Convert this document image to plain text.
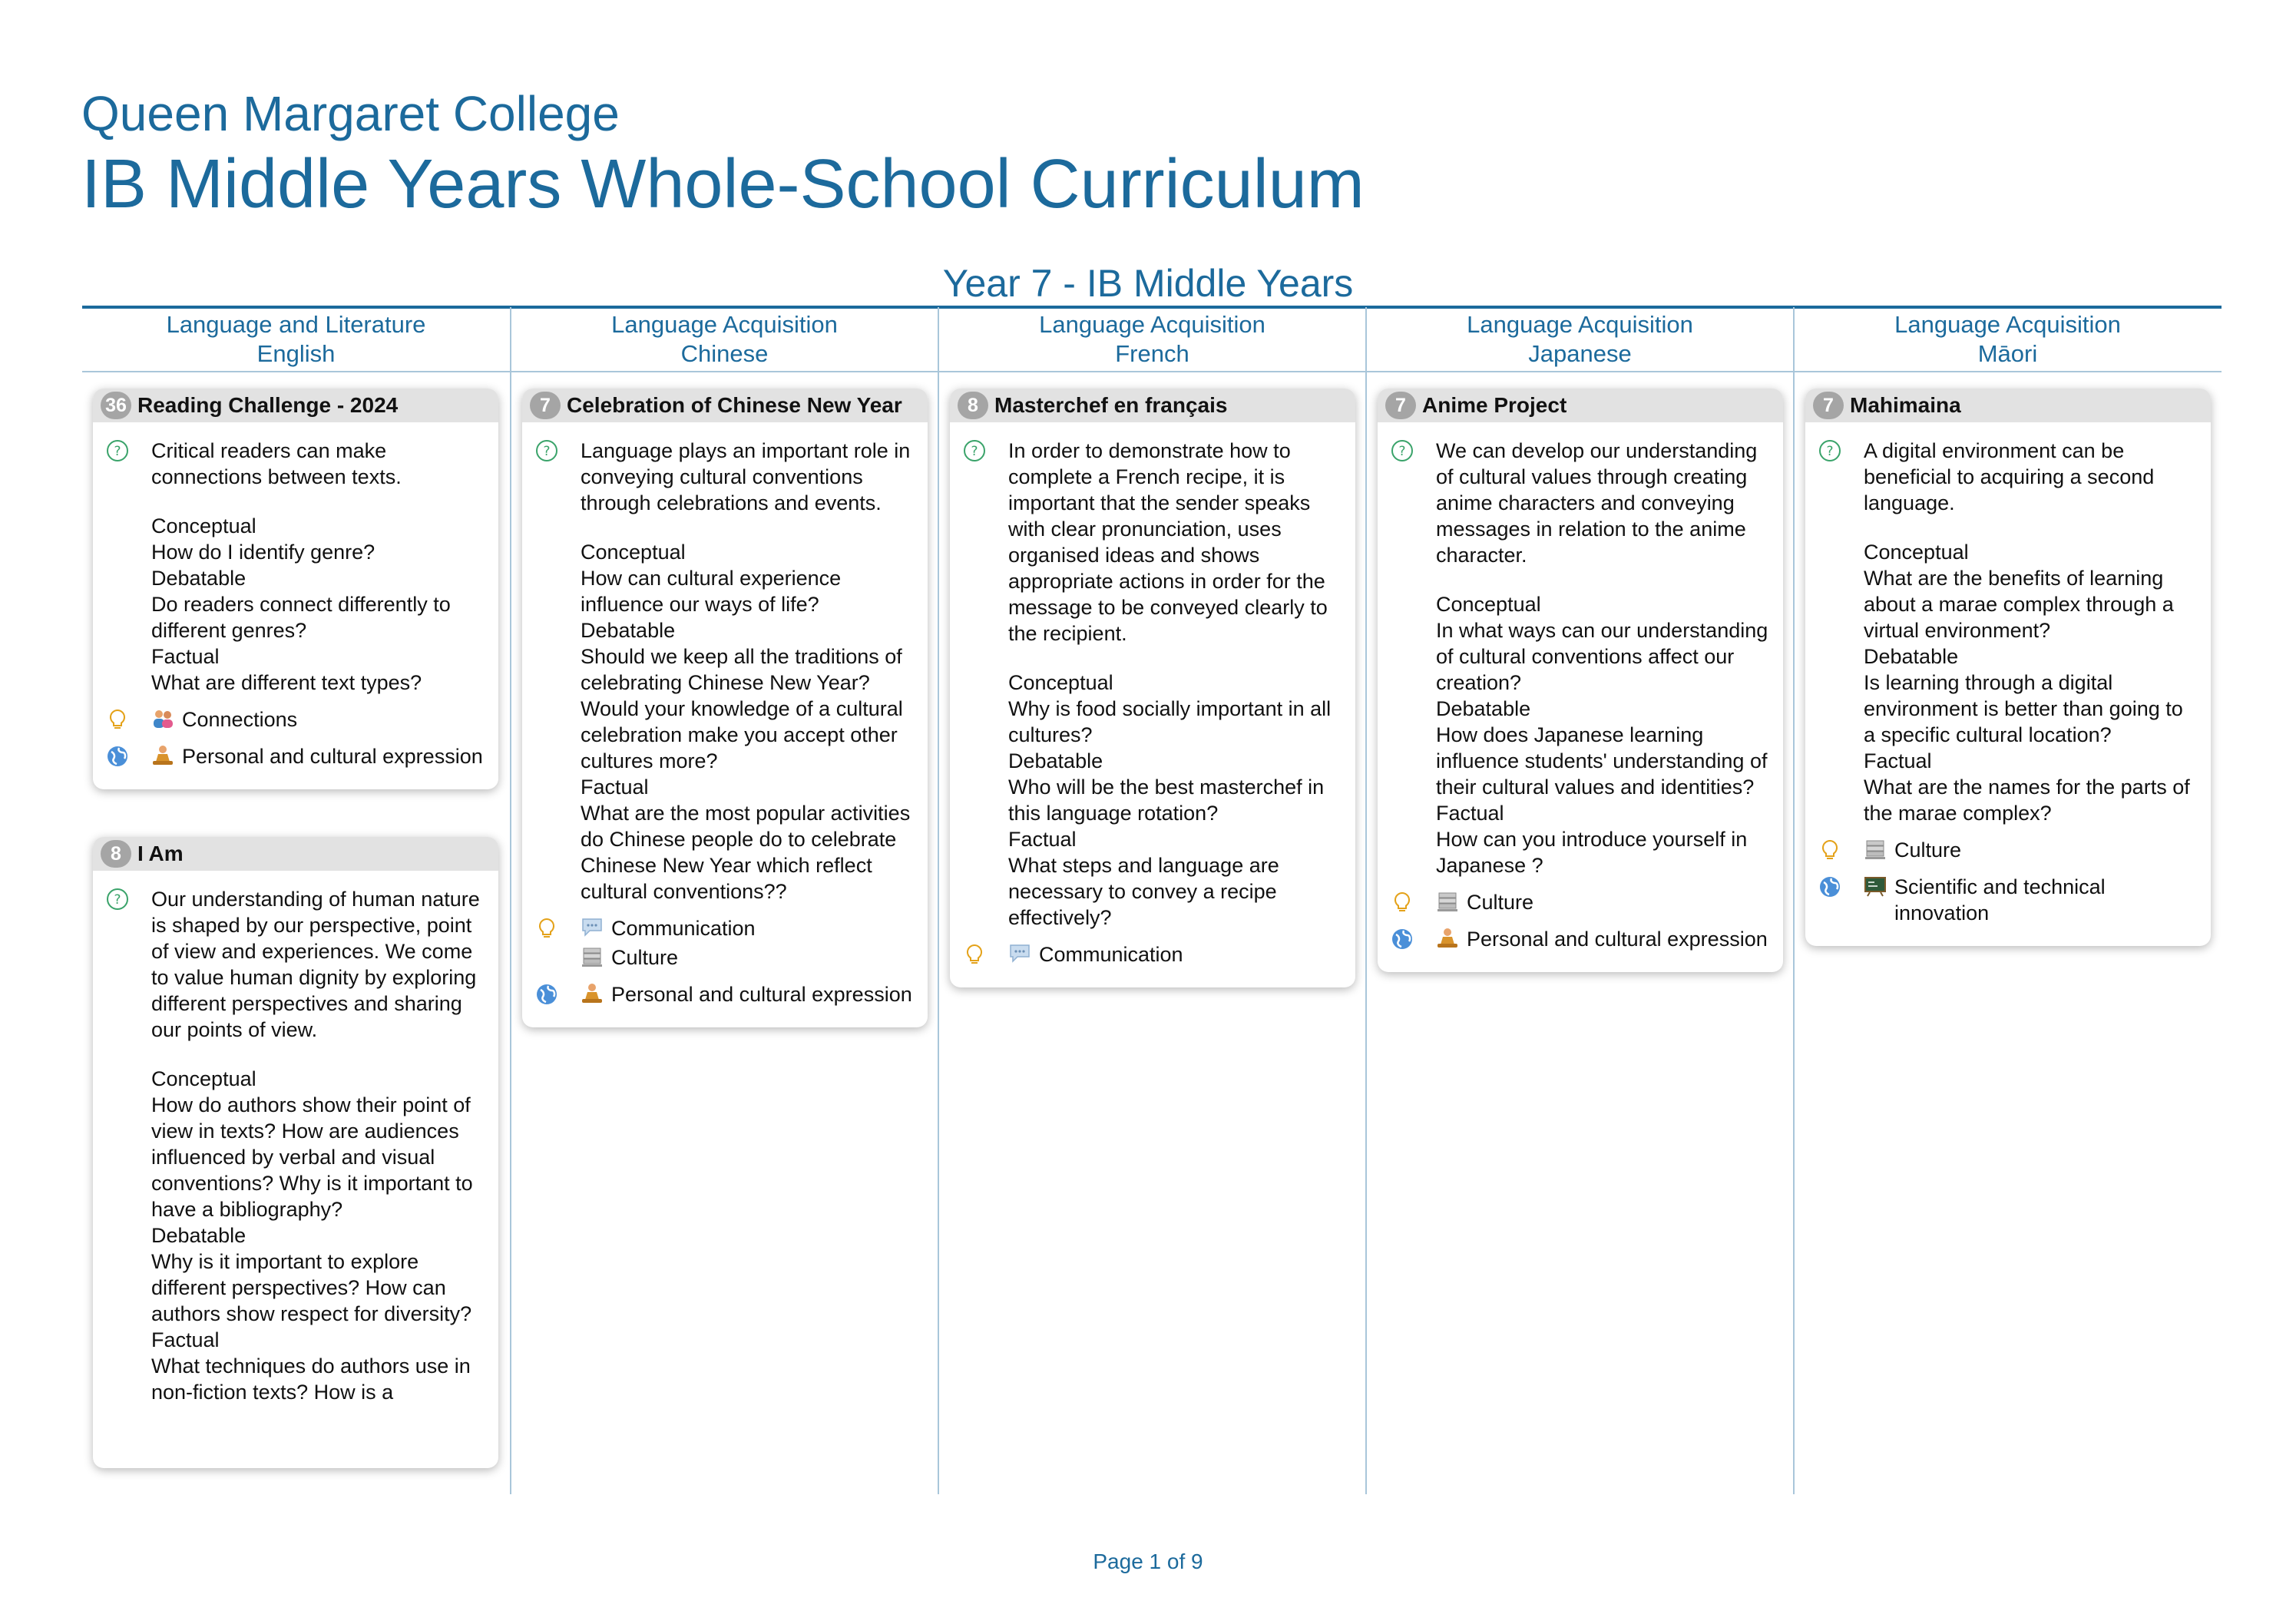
Queen Margaret College
IB Middle Years Whole-School Curriculum
Year 7 - IB Middle Years
Language and Literature
English
36 Reading Challenge - 2024
? Critical readers can make connections between texts.
Conceptual
How do I identify genre?
Debatable
Do readers connect differently to different genres?
Factual
What are different text types?
Connections
Personal and cultural expression
8 I Am
? Our understanding of human nature is shaped by our perspective, point of view and experiences. We come to value human dignity by exploring different perspectives and sharing our points of view.
Conceptual
How do authors show their point of view in texts? How are audiences influenced by verbal and visual conventions? Why is it important to have a bibliography?
Debatable
Why is it important to explore different perspectives? How can authors show respect for diversity?
Factual
What techniques do authors use in non-fiction texts? How is a
Language Acquisition
Chinese
7 Celebration of Chinese New Year
? Language plays an important role in conveying cultural conventions through celebrations and events.
Conceptual
How can cultural experience influence our ways of life?
Debatable
Should we keep all the traditions of celebrating Chinese New Year? Would your knowledge of a cultural celebration make you accept other cultures more?
Factual
What are the most popular activities do Chinese people do to celebrate Chinese New Year which reflect cultural conventions??
Communication
Culture
Personal and cultural expression
Language Acquisition
French
8 Masterchef en français
? In order to demonstrate how to complete a French recipe, it is important that the sender speaks with clear pronunciation, uses organised ideas and shows appropriate actions in order for the message to be conveyed clearly to the recipient.
Conceptual
Why is food socially important in all cultures?
Debatable
Who will be the best masterchef in this language rotation?
Factual
What steps and language are necessary to convey a recipe effectively?
Communication
Language Acquisition
Japanese
7 Anime Project
? We can develop our understanding of cultural values through creating anime characters and conveying messages in relation to the anime character.
Conceptual
In what ways can our understanding of cultural conventions affect our creation?
Debatable
How does Japanese learning influence students' understanding of their cultural values and identities?
Factual
How can you introduce yourself in Japanese ?
Culture
Personal and cultural expression
Language Acquisition
Māori
7 Mahimaina
? A digital environment can be beneficial to acquiring a second language.
Conceptual
What are the benefits of learning about a marae complex through a virtual environment?
Debatable
Is learning through a digital environment is better than going to a specific cultural location?
Factual
What are the names for the parts of the marae complex?
Culture
Scientific and technical innovation
Page 1 of 9
